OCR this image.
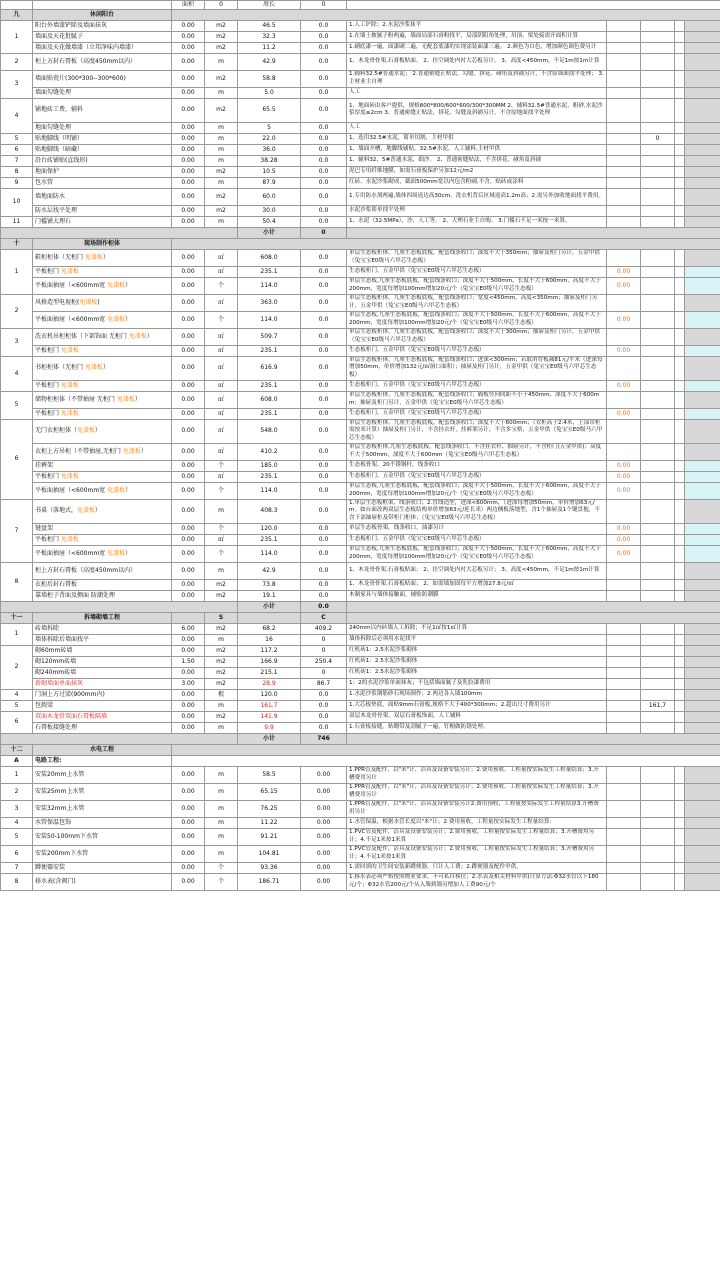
		面积	0	周长	0					
九	休闲阳台									
1	阳台外墙漆铲除及墙面抹灰	0.00	m2	46.5	0.0	1.人工铲除；2.水泥沙浆抹平				
	墙面及天花批腻子	0.00	m2	32.3	0.0	1.在墙上披腻子粉两遍，墙面局部石膏粉找平，局部阴阳角处理，吊顶、梁处接需开面积计算				
	墙面及天花做墙漆（立邦净味内墙漆）	0.00	m2	11.2	0.0	1.刷底漆一遍，面漆刷二遍，无配套底漆的实现涂装面漆三遍。 2.颜色为白色，增加颜色调色费另计				
2	柜上方封石膏板（高度450mm以内）	0.00	m	42.9	0.0	1、木龙骨骨架,石膏板贴面。 2、挂空调处内衬大芯板另计。 3、高度<450mm，不足1m按1m计算				
3	墙面贴瓷片(300*300--300*600)	0.00	m2	58.8	0.0	1.辅料32.5#普通水泥； 2.普通密缝正贴法，勾缝、拼花、碰角及斜铺另计，不含原墙面找平处理； 3.主材业主自理				
	墙面勾缝处理	0.00	m	5.0	0.0	人工				
4	铺地砖工费，辅料	0.00	m2	65.5	0.0	1、地面砖由客户提供，规格800*800/600*600/300*300MM 2、辅料32.5#普通水泥、粗砂,水泥沙浆厚度≤2cm 3、普通密缝正贴法，拼花、勾缝及斜铺另计，不含原地面找平处理				
	地面勾缝处理	0.00	m	5	0.0	人工				
5	贴地脚线（明铺）	0.00	m	22.0	0.0	1、选用32.5#水泥，简单切割，主材甲供		0		
6	贴地脚线（暗藏）	0.00	m	36.0	0.0	1、墙面开槽，地脚线铺贴，32.5#水泥，人工辅料,主材甲供				
7	沿台砖铺贴(直线形)	0.00	m	38.28	0.0	1、辅料32、5#普通水泥、细沙。 2、普通密缝贴法，不含拼花、碰角及斜铺				
8	地面保护	0.00	m2	10.5	0.0	泥巴专用纤维地膜，如需石膏板保护另加12元/m2				
9	包水管	0.00	m	87.9	0.0	红砖、水泥沙浆砌成，截面500mm宽以内包含粉刷,不含，贴砖或涂料				
10	墙地面防水	0.00	m2	60.0	0.0	1.专用防水剂两遍,墙体四周返边高30cm、洗衣机背后区域返高1.2m高；2.需另外加收地面找平费用。				
	防水层找平处理	0.00	m2	30.0	0.0	水泥沙浆简单找平处理				
11	门槛铺大理石	0.00	m	50.4	0.0	1、水泥（32.5MPa），沙，人工等。 2、大理石业主自购。 3.门槛石不足一米按一米算。				
				小计	0					
十	现场制作柜体									
1	鞋柜柜体（无柜门 免漆板）	0.00	㎡	608.0	0.0	单层生态板柜体，九厘生态板底板，配套线条收口；深度不大于350mm；抽屉及柜门另计，五金甲供（兔宝宝E0级马六甲芯生态板）				
	平板柜门 免漆板	0.00	㎡	235.1	0.0	生态板柜门，五金甲供（兔宝宝E0级马六甲芯生态板）	0.00			
	平板面抽屉（<600mm宽 免漆板）	0.00	个	114.0	0.0	单层生态板,九厘生态板底板，配套线条收口；深度不大于500mm，长度不大于600mm，高度不大于200mm，宽度每增加100mm增加20元/个（兔宝宝E0级马六甲芯生态板）	0.00			
2	风格造型电视柜(免漆板)	0.00	㎡	363.0	0.0	单层生态板柜体，九厘生态板底板，配套线条收口；宽度<450mm，高度<350mm；抽屉及柜门另计，五金甲供（兔宝宝E0级马六甲芯生态板）				
	平板面抽屉（<600mm宽 免漆板）	0.00	个	114.0	0.0	单层生态板,九厘生态板底板，配套线条收口；深度不大于500mm，长度不大于600mm，高度不大于200mm，宽度每增加100mm增加20元/个（兔宝宝E0级马六甲芯生态板）	0.00			
3	洗衣机吊柜柜体（下部饰面 无柜门 免漆板）	0.00	㎡	509.7	0.0	单层生态板柜体，九厘生态板底板，配套线条收口；深度不大于300mm；抽屉及柜门另计，五金甲供（兔宝宝E0级马六甲芯生态板）				
	平板柜门 免漆板	0.00	㎡	235.1	0.0	生态板柜门，五金甲供（兔宝宝E0级马六甲芯生态板）	0.00			
4	书柜柜体（无柜门 免漆板）	0.00	㎡	616.9	0.0	单层生态板柜体，九厘生态板底板，配套线条收口；进深<300mm；若取消背板减81元/平米（进深每增加50mm，单价增加132元/㎡洞口面积）；抽屉及柜门另计，五金甲供（兔宝宝E0级马六甲芯生态板）				
	平板柜门 免漆板	0.00	㎡	235.1	0.0	生态板柜门，五金甲供（兔宝宝E0级马六甲芯生态板）	0.00			
5	储物柜柜体（不带抽屉 无柜门 免漆板）	0.00	㎡	608.0	0.0	单层生态板柜体，九厘生态板底板，配套线条收口；隔板竖向间距不小于450mm，深度不大于600mm；抽屉及柜门另计，五金甲供（兔宝宝E0级马六甲芯生态板）				
	平板柜门 免漆板	0.00	㎡	235.1	0.0	生态板柜门，五金甲供（兔宝宝E0级马六甲芯生态板）	0.00			
6	无门衣柜柜体（免漆板）	0.00	㎡	548.0	0.0	单层生态板柜体，九厘生态板底板，配套线条收口；深度不大于600mm；（衣柜高于2.4米，上部吊柜需按米计算）抽屉及柜门另计，不含挂衣杆，挂裤架另计，不含多宝格，五金甲供（兔宝宝E0级马六甲芯生态板）				
	衣柜上方吊柜（不带抽屉,无柜门 免漆板）	0.00	㎡	410.2	0.0	单层生态板柜体,九厘生态板底板，配套线条收口，不含挂衣杆、抽屉另计，不含柜门(五金甲供)；高度不大于500mm，深度不大于600mm（兔宝宝E0级马六甲芯生态板）				
	挂裤架	0.00	个	185.0	0.0	生态板骨架，20不锈钢杆，线条收口	0.00			
	平板柜门 免漆板	0.00	㎡	235.1	0.0	生态板柜门，五金甲供（兔宝宝E0级马六甲芯生态板）	0.00			
	平板面抽屉（<600mm宽 免漆板）	0.00	个	114.0	0.0	单层生态板,九厘生态板底板，配套线条收口；深度不大于500mm，长度不大于600mm，高度不大于200mm，宽度每增加100mm增加20元/个（兔宝宝E0级马六甲芯生态板）	0.00			
7	书桌（落地式，免漆板）	0.00	m	408.3	0.0	1.单层生态板框架，线条收口；2.直线造型，进深<600mm，（进深每增加50mm，单价增加63元/m。如台面改两双层生态板结构单价增加63元/延长米）两边侧板落地型，含1个抽屉及1个键盘抱，不含下部抽屉柜及带柜门柜体；（兔宝宝E0级马六甲芯生态板）				
	键盘架	0.00	个	120.0	0.0	单层生态板骨架，线条收口，油漆另计	0.00			
	平板柜门 免漆板	0.00	㎡	235.1	0.0	生态板柜门，五金甲供（兔宝宝E0级马六甲芯生态板）	0.00			
	平板面抽屉（<600mm宽 免漆板）	0.00	个	114.0	0.0	单层生态板,九厘生态板底板，配套线条收口；深度不大于500mm，长度不大于600mm，高度不大于200mm，宽度每增加100mm增加20元/个（兔宝宝E0级马六甲芯生态板）	0.00			
8	柜上方封石膏板（高度450mm以内）	0.00	m	42.9	0.0	1、木龙骨骨架,石膏板贴面； 2、挂空调处内衬大芯板另计； 3、高度<450mm，不足1m按1m计算				
	衣柜后封石膏板	0.00	m2	73.8	0.0	1、木龙骨骨架,石膏板贴面； 2、如需墙加固每平方增加27.8元/㎡				
	靠墙柜子背面及侧面 防潮处理	0.00	m2	19.1	0.0	木制家具与墙体接触面，辅贴防潮膜				
				小计	0.0					
十一	拆墙砌墙工程		S		C					
1	砖墙拆除	6.00	m2	68.2	409.2	240mm以内砖墙人工拆除；不足1㎡按1㎡计算				
	墙体拆除后墙面找平	0.00	m	16	0	墙体拆除后必须用水泥找平				
2	砌60mm砖墙	0.00	m2	117.2	0	红机砖1：2.5水泥沙浆砌体				
	砌120mm砖墙	1.50	m2	166.9	250.4	红机砖1：2.5水泥沙浆砌体				
	砌240mm砖墙	0.00	m2	215.1	0	红机砖1：2.5水泥沙浆砌体				
	新砌墙面单面抹灰	3.00	m2	28.9	86.7	1：2的水泥沙浆单面抹灰；不包括墙面腻子及乳胶漆费用				
4	门洞上方过梁(900mm内)	0.00	根	120.0	0.0	1.水泥沙浆钢筋砂石现场制作；2.两边各入墙100mm				
5	包假梁	0.00	m	161.7	0.0	1.大芯板垫底，面贴9mm石膏板,规格不大于400*300mm；2.超出尺寸费用另计		161.7		
6	双面木龙骨双面石膏板隔墙	0.00	m2	141.9	0.0	双层木龙骨骨架，双层石膏板饰面，人工辅料				
	石膏板接缝处理	0.00	m	9.9	0.0	1.石膏板接缝，贴绷带及刮腻子一遍，钉帽做防锈处理。				
				小计	746					
十二	水电工程									
A	电路工程:									
1	安装20mm上水管	0.00	m	58.5	0.00	1.PPR管及配件，以"米"计，洁具及设备安装另计；2.费用预收，工程量按实际发生工程量结算；3.开槽费用另计				
2	安装25mm上水管	0.00	m	65.15	0.00	1.PPR管及配件，以"米"计，洁具及设备安装另计；2.费用预收，工程量按实际发生工程量结算；3.开槽费用另计				
3	安装32mm上水管	0.00	m	76.25	0.00	1.PPR管及配件，以"米"计，洁具及设备安装另计2.费用预收，工程量按实际发生工程量结算3.开槽费用另计				
4	水管保温包饰	0.00	m	11.22	0.00	1.水管保温，根据水管长度以"米"计；2.费用预收，工程量按实际发生工程量结算：				
5	安装50-100mm下水管	0.00	m	91.21	0.00	1.PVC管及配件，洁具及设备安装另计；2.费用预收，工程量按实际发生工程量结算；3.开槽费用另计；4.不足1米按1米算				
6	安装200mm下水管	0.00	m	104.81	0.00	1.PVC管及配件，洁具及设备安装另计；2.费用预收，工程量按实际发生工程量结算；3.开槽费用另计；4.不足1米按1米算				
7	蹲便器安装	0.00	个	93.36	0.00	1.需回填的卫生间安装新蹲便器，只计人工费；2.蹲便器及配件甲供。				
8	移水表(含阀门)	0.00	个	186.71	0.00	1.移水表必须严格按照物业要求，不可私自移位；2.水表及相关材料甲供(计算方法:Φ32水管以下180元/个；Φ32水管200元/个从入墙到墙另增加人工费90元/个				
